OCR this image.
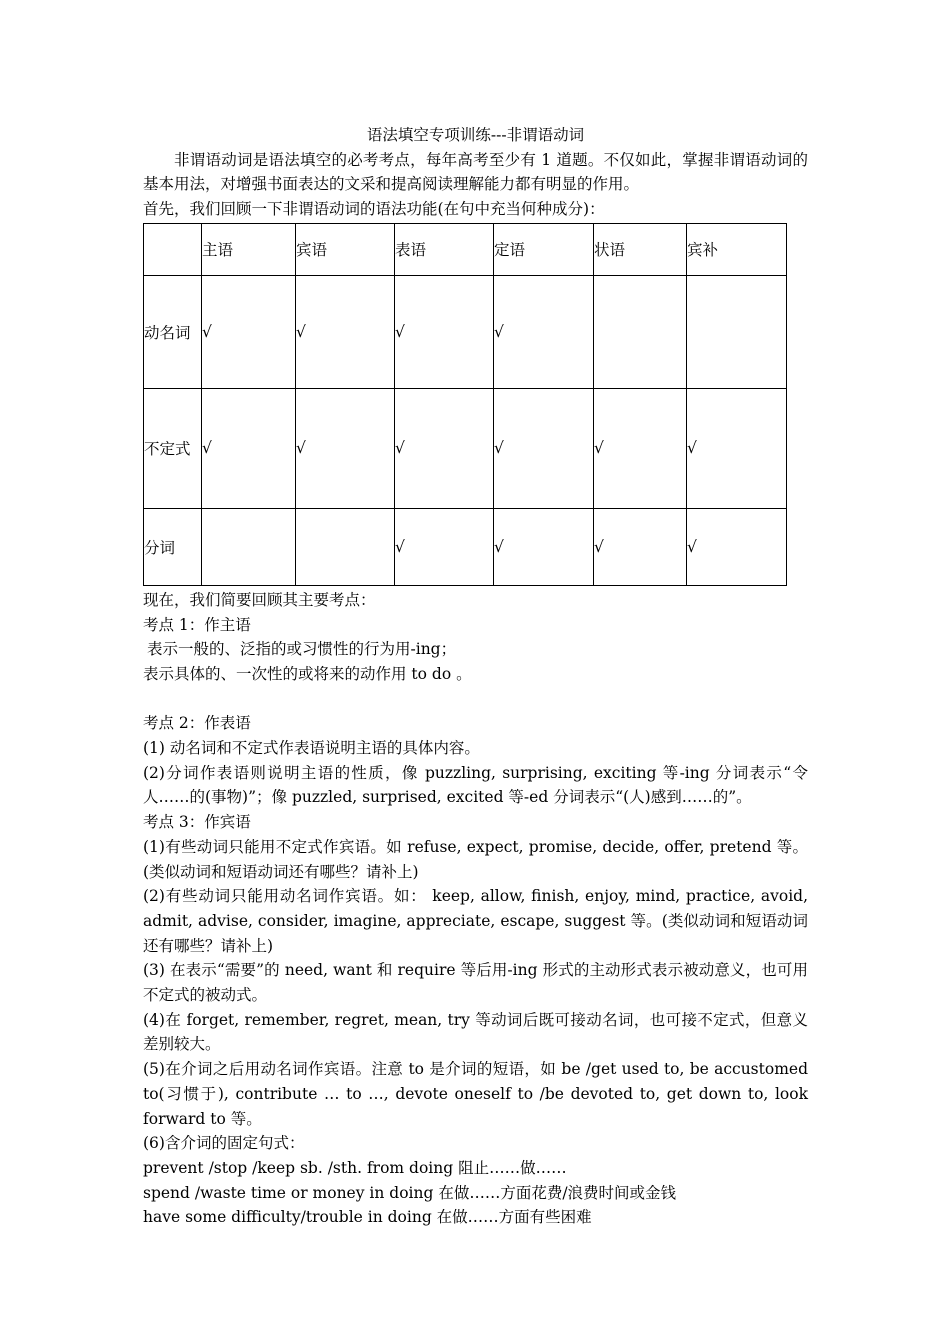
语法填空专项训练---非谓语动词
非谓语动词是语法填空的必考考点，每年高考至少有 1 道题。不仅如此，掌握非谓语动词的基本用法，对增强书面表达的文采和提高阅读理解能力都有明显的作用。
首先，我们回顾一下非谓语动词的语法功能(在句中充当何种成分)：
	主语	宾语	表语	定语	状语	宾补
动名词	√	√	√	√		
不定式	√	√	√	√	√	√
分词			√	√	√	√
现在，我们简要回顾其主要考点：
考点 1：作主语
表示一般的、泛指的或习惯性的行为用-ing；
表示具体的、一次性的或将来的动作用 to do 。
考点 2：作表语
(1) 动名词和不定式作表语说明主语的具体内容。
(2)分词作表语则说明主语的性质，像 puzzling, surprising, exciting 等-ing 分词表示“令人……的(事物)”；像 puzzled, surprised, excited 等-ed 分词表示“(人)感到……的”。
考点 3：作宾语
(1)有些动词只能用不定式作宾语。如 refuse, expect, promise, decide, offer, pretend 等。(类似动词和短语动词还有哪些？请补上)
(2)有些动词只能用动名词作宾语。如： keep, allow, finish, enjoy, mind, practice, avoid, admit, advise, consider, imagine, appreciate, escape, suggest 等。(类似动词和短语动词还有哪些？请补上)
(3) 在表示“需要”的 need, want 和 require 等后用-ing 形式的主动形式表示被动意义，也可用不定式的被动式。
(4)在 forget, remember, regret, mean, try 等动词后既可接动名词，也可接不定式，但意义差别较大。
(5)在介词之后用动名词作宾语。注意 to 是介词的短语，如 be /get used to, be accustomed to(习惯于), contribute … to …, devote oneself to /be devoted to, get down to, look forward to 等。
(6)含介词的固定句式：
prevent /stop /keep sb. /sth. from doing 阻止……做……
spend /waste time or money in doing 在做……方面花费/浪费时间或金钱
have some difficulty/trouble in doing 在做……方面有些困难
